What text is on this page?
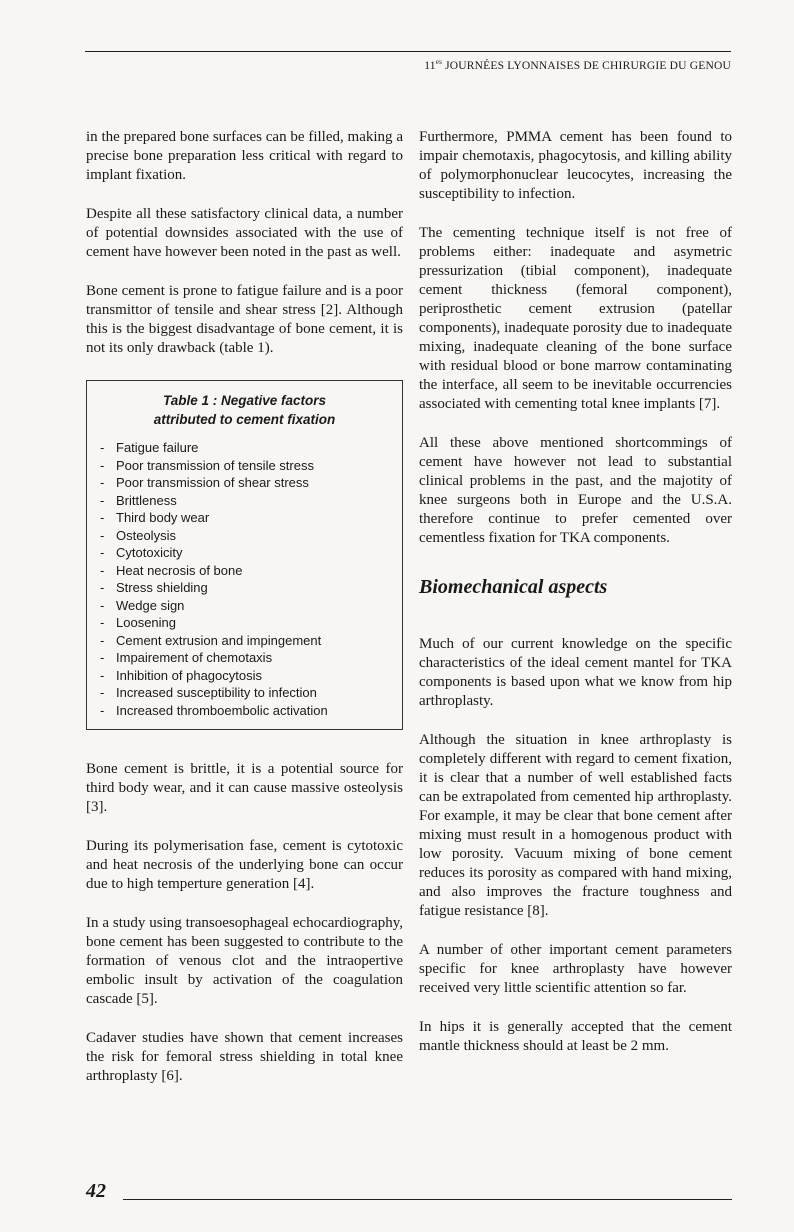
$11^{es}$ JOURNÉES LYONNAISES DE CHIRURGIE DU GENOU

in the prepared bone surfaces can be filled, making a precise bone preparation less critical with regard to implant fixation.

Despite all these satisfactory clinical data, a number of potential downsides associated with the use of cement have however been noted in the past as well.

Bone cement is prone to fatigue failure and is a poor transmittor of tensile and shear stress [2]. Although this is the biggest disadvantage of bone cement, it is not its only drawback (table 1).

Table 1 : Negative factors
attributed to cement fixation
- Fatigue failure
- Poor transmission of tensile stress
- Poor transmission of shear stress
- Brittleness
- Third body wear
- Osteolysis
- Cytotoxicity
- Heat necrosis of bone
- Stress shielding
- Wedge sign
- Loosening
- Cement extrusion and impingement
- Impairement of chemotaxis
- Inhibition of phagocytosis
- Increased susceptibility to infection
- Increased thromboembolic activation

Bone cement is brittle, it is a potential source for third body wear, and it can cause massive osteolysis [3].

During its polymerisation fase, cement is cytotoxic and heat necrosis of the underlying bone can occur due to high temperture generation [4].

In a study using transoesophageal echocardiography, bone cement has been suggested to contribute to the formation of venous clot and the intraopertive embolic insult by activation of the coagulation cascade [5].

Cadaver studies have shown that cement increases the risk for femoral stress shielding in total knee arthroplasty [6].

Furthermore, PMMA cement has been found to impair chemotaxis, phagocytosis, and killing ability of polymorphonuclear leucocytes, increasing the susceptibility to infection.

The cementing technique itself is not free of problems either: inadequate and asymetric pressurization (tibial component), inadequate cement thickness (femoral component), periprosthetic cement extrusion (patellar components), inadequate porosity due to inadequate mixing, inadequate cleaning of the bone surface with residual blood or bone marrow contaminating the interface, all seem to be inevitable occurrencies associated with cementing total knee implants [7].

All these above mentioned shortcommings of cement have however not lead to substantial clinical problems in the past, and the majotity of knee surgeons both in Europe and the U.S.A. therefore continue to prefer cemented over cementless fixation for TKA components.

Biomechanical aspects

Much of our current knowledge on the specific characteristics of the ideal cement mantel for TKA components is based upon what we know from hip arthroplasty.

Although the situation in knee arthroplasty is completely different with regard to cement fixation, it is clear that a number of well established facts can be extrapolated from cemented hip arthroplasty. For example, it may be clear that bone cement after mixing must result in a homogenous product with low porosity. Vacuum mixing of bone cement reduces its porosity as compared with hand mixing, and also improves the fracture toughness and fatigue resistance [8].

A number of other important cement parameters specific for knee arthroplasty have however received very little scientific attention so far.

In hips it is generally accepted that the cement mantle thickness should at least be 2 mm.

42
